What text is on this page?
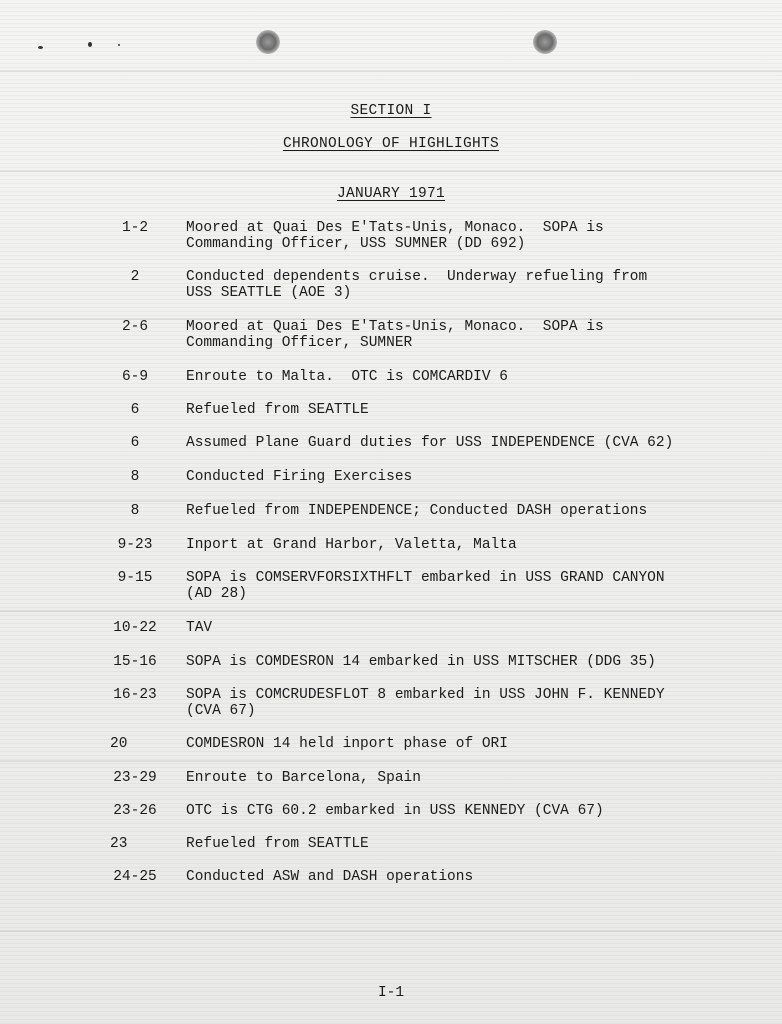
SECTION I
CHRONOLOGY OF HIGHLIGHTS
JANUARY 1971
1-2	Moored at Quai Des E'Tats-Unis, Monaco.  SOPA is
Commanding Officer, USS SUMNER (DD 692)
2	Conducted dependents cruise.  Underway refueling from
USS SEATTLE (AOE 3)
2-6	Moored at Quai Des E'Tats-Unis, Monaco.  SOPA is
Commanding Officer, SUMNER
6-9	Enroute to Malta.  OTC is COMCARDIV 6
6	Refueled from SEATTLE
6	Assumed Plane Guard duties for USS INDEPENDENCE (CVA 62)
8	Conducted Firing Exercises
8	Refueled from INDEPENDENCE; Conducted DASH operations
9-23	Inport at Grand Harbor, Valetta, Malta
9-15	SOPA is COMSERVFORSIXTHFLT embarked in USS GRAND CANYON
(AD 28)
10-22	TAV
15-16	SOPA is COMDESRON 14 embarked in USS MITSCHER (DDG 35)
16-23	SOPA is COMCRUDESFLOT 8 embarked in USS JOHN F. KENNEDY
(CVA 67)
20	COMDESRON 14 held inport phase of ORI
23-29	Enroute to Barcelona, Spain
23-26	OTC is CTG 60.2 embarked in USS KENNEDY (CVA 67)
23	Refueled from SEATTLE
24-25	Conducted ASW and DASH operations
I-1
